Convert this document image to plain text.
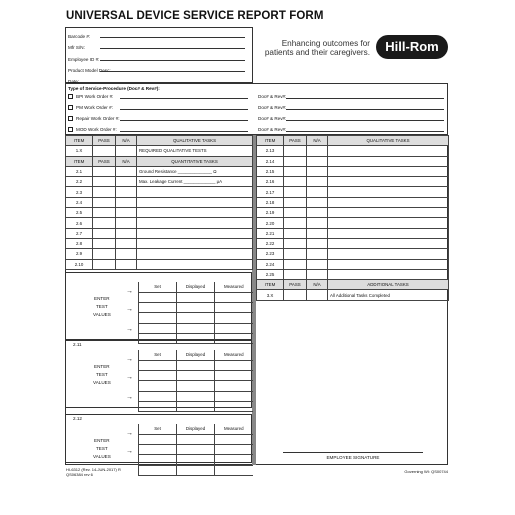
UNIVERSAL DEVICE SERVICE REPORT FORM
Barcode #:
Mfr S/N:
Employee ID #:
Product Model Desc:
Date:
Enhancing outcomes for
patients and their caregivers.	Hill-Rom
Type of Service-Procedure (Doc# & Rev#):
BPI Work Order #:	Doc# & Rev#:
PM Work Order #:	Doc# & Rev#:
Repair Work Order #:	Doc# & Rev#:
MOD Work Order #:	Doc# & Rev#:
ITEM	PASS	N/A	QUALITATIVE TASKS
1.X			REQUIRED QUALITATIVE TESTS
ITEM	PASS	N/A	QUANTITATIVE TASKS
2.1			Ground Resistance ______________ Ω
2.2			Max. Leakage Current _____________ μA
2.3			
2.4			
2.5			
2.6			
2.7			
2.8			
2.9			
2.10			
ITEM	PASS	N/A	QUALITATIVE TASKS
2.13			
2.14			
2.15			
2.16			
2.17			
2.18			
2.19			
2.20			
2.21			
2.22			
2.23			
2.24			
2.25			
ITEM	PASS	N/A	ADDITIONAL TASKS
3.X			All Additional Tasks Completed
Set	Displayed	Measured

ENTER
TEST
VALUES
→
→
→
2.11
Set	Displayed	Measured

ENTER
TEST
VALUES
→
→
→
2.12
Set	Displayed	Measured

ENTER
TEST
VALUES
→
→
EMPLOYEE SIGNATURE
HI-6312 (Rev. 14-JUN-2017) R
QS06384 rev 6
Governing WI: QS00744
